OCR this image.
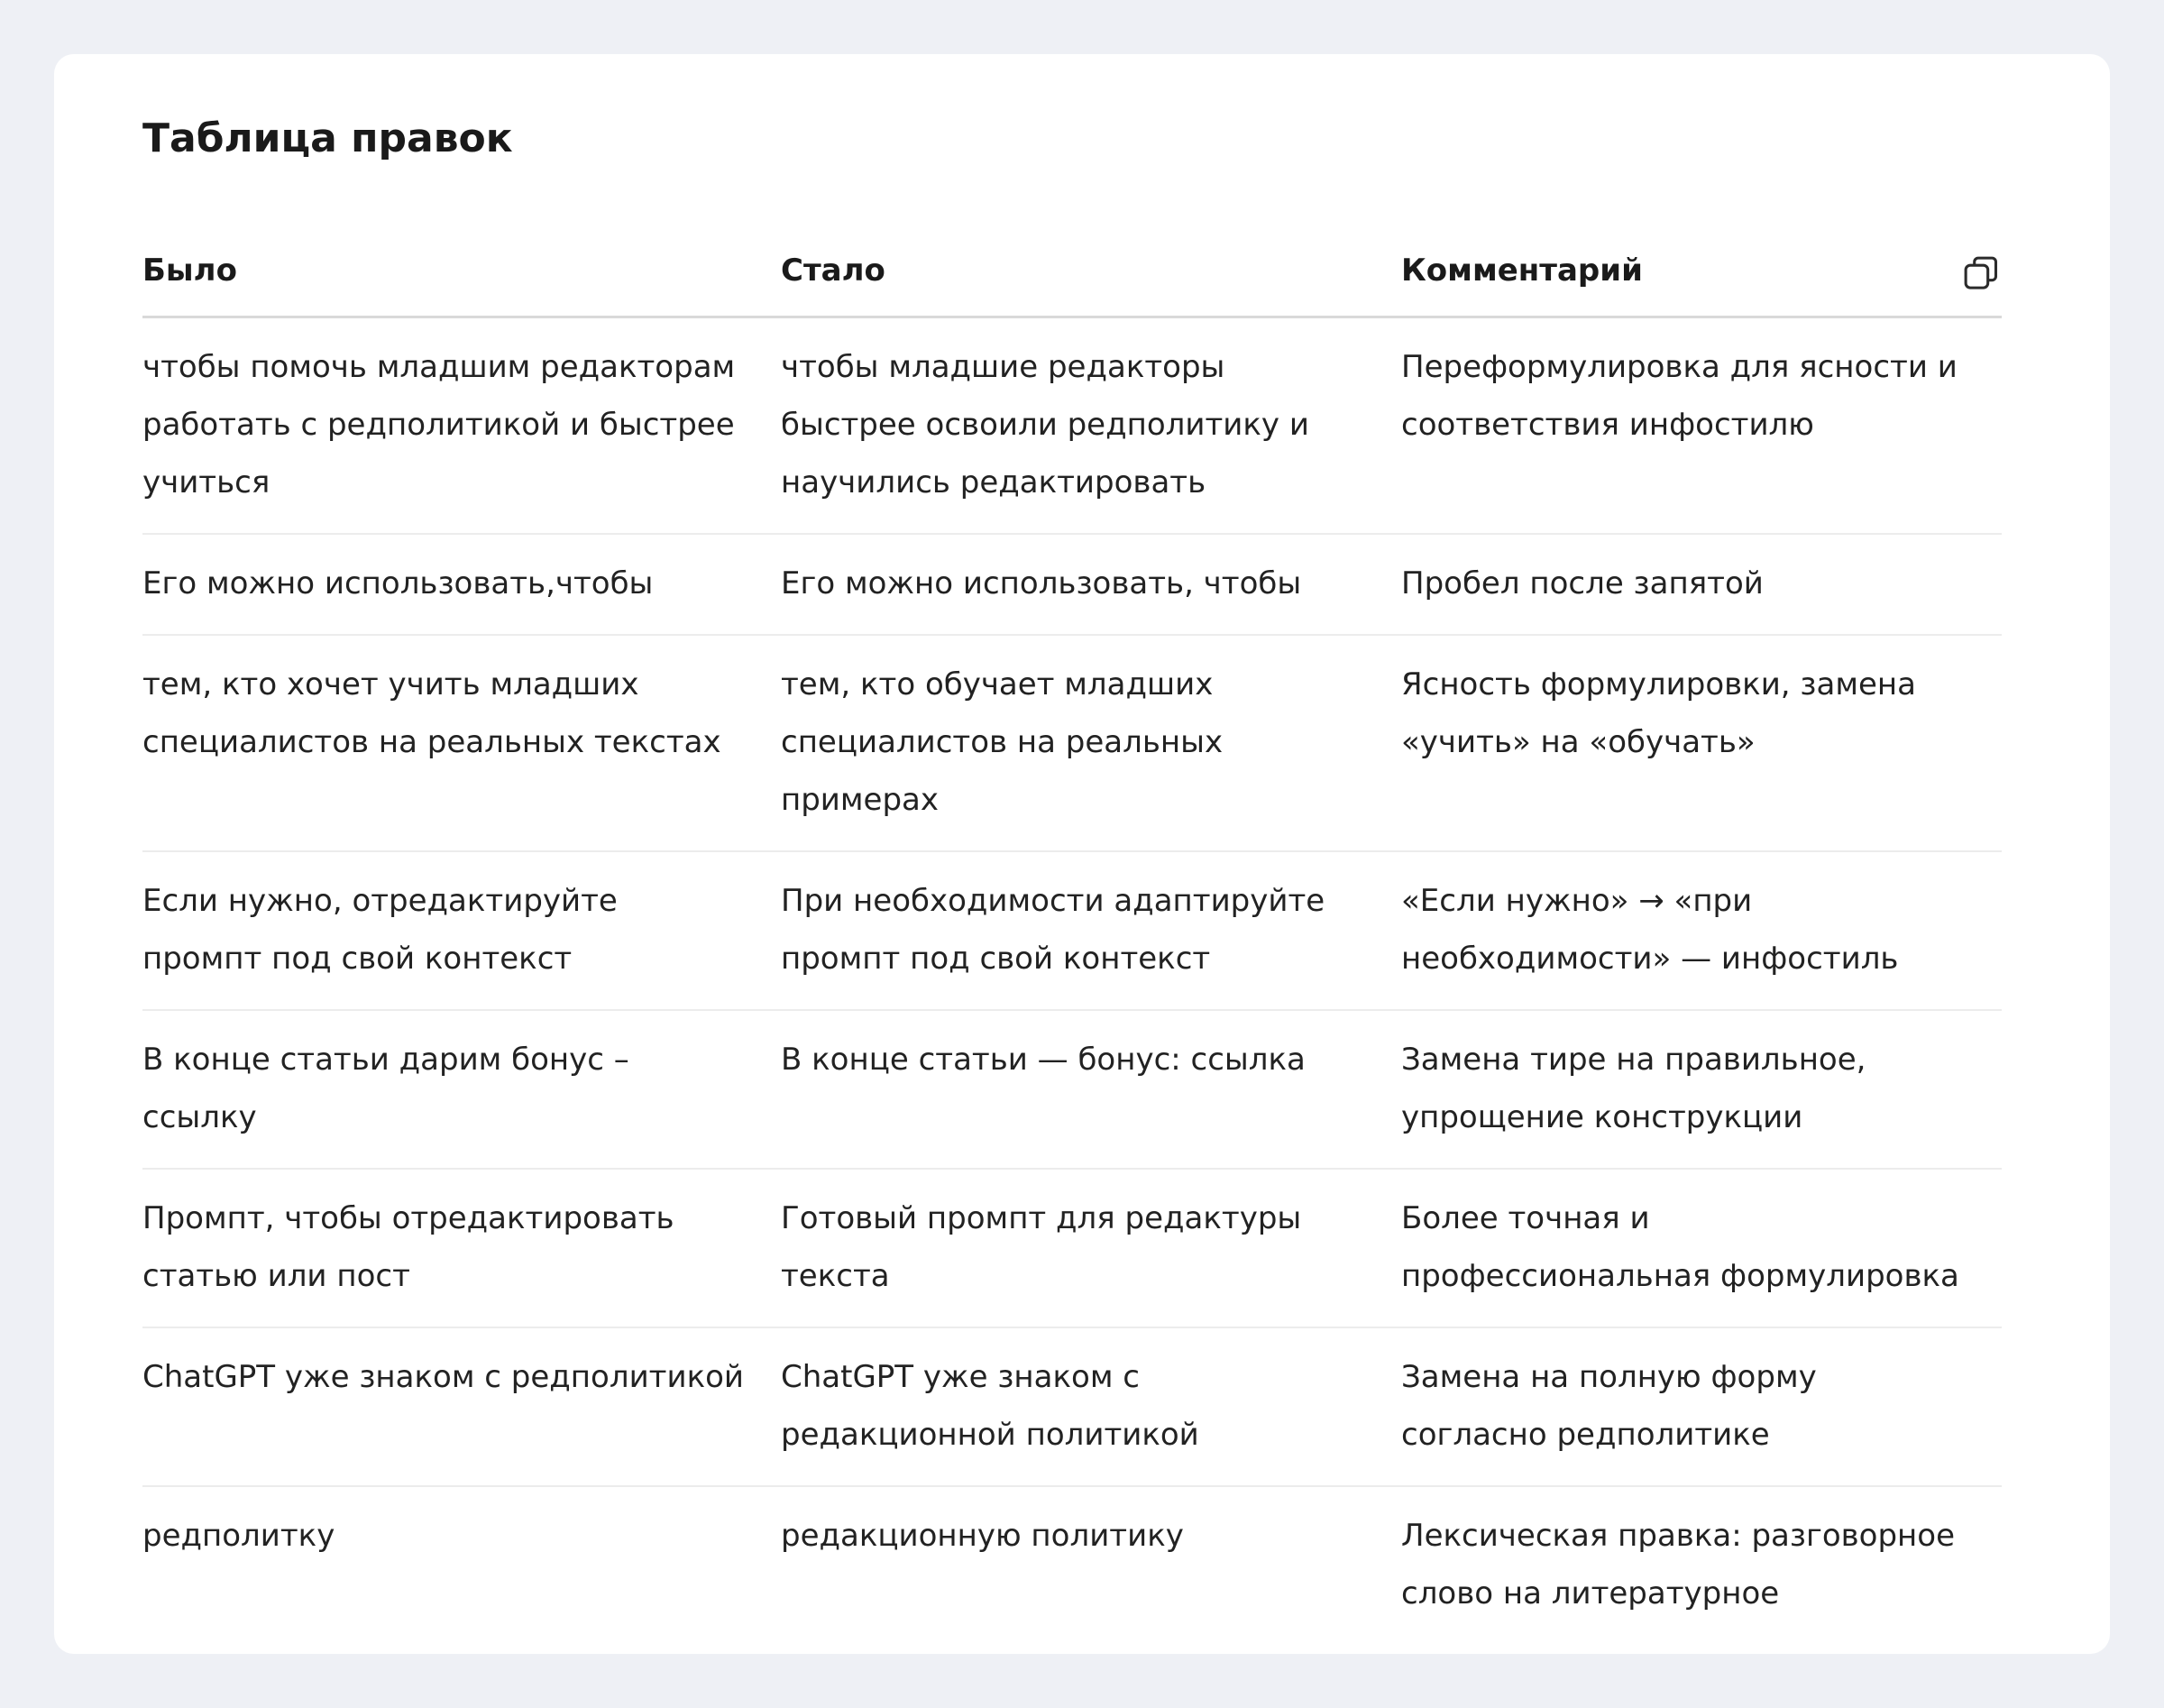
Таблица правок
Было	Стало	Комментарий

чтобы помочь младшим редакторам работать с редполитикой и быстрее учиться	чтобы младшие редакторы быстрее освоили редполитику и научились редактировать	Переформулировка для ясности и соответствия инфостилю
Его можно использовать,чтобы	Его можно использовать, чтобы	Пробел после запятой
тем, кто хочет учить младших специалистов на реальных текстах	тем, кто обучает младших специалистов на реальных примерах	Ясность формулировки, замена «учить» на «обучать»
Если нужно, отредактируйте промпт под свой контекст	При необходимости адаптируйте промпт под свой контекст	«Если нужно» → «при необходимости» — инфостиль
В конце статьи дарим бонус – ссылку	В конце статьи — бонус: ссылка	Замена тире на правильное, упрощение конструкции
Промпт, чтобы отредактировать статью или пост	Готовый промпт для редактуры текста	Более точная и профессиональная формулировка
ChatGPT уже знаком с редполитикой	ChatGPT уже знаком с редакционной политикой	Замена на полную форму согласно редполитике
редполитку	редакционную политику	Лексическая правка: разговорное слово на литературное
